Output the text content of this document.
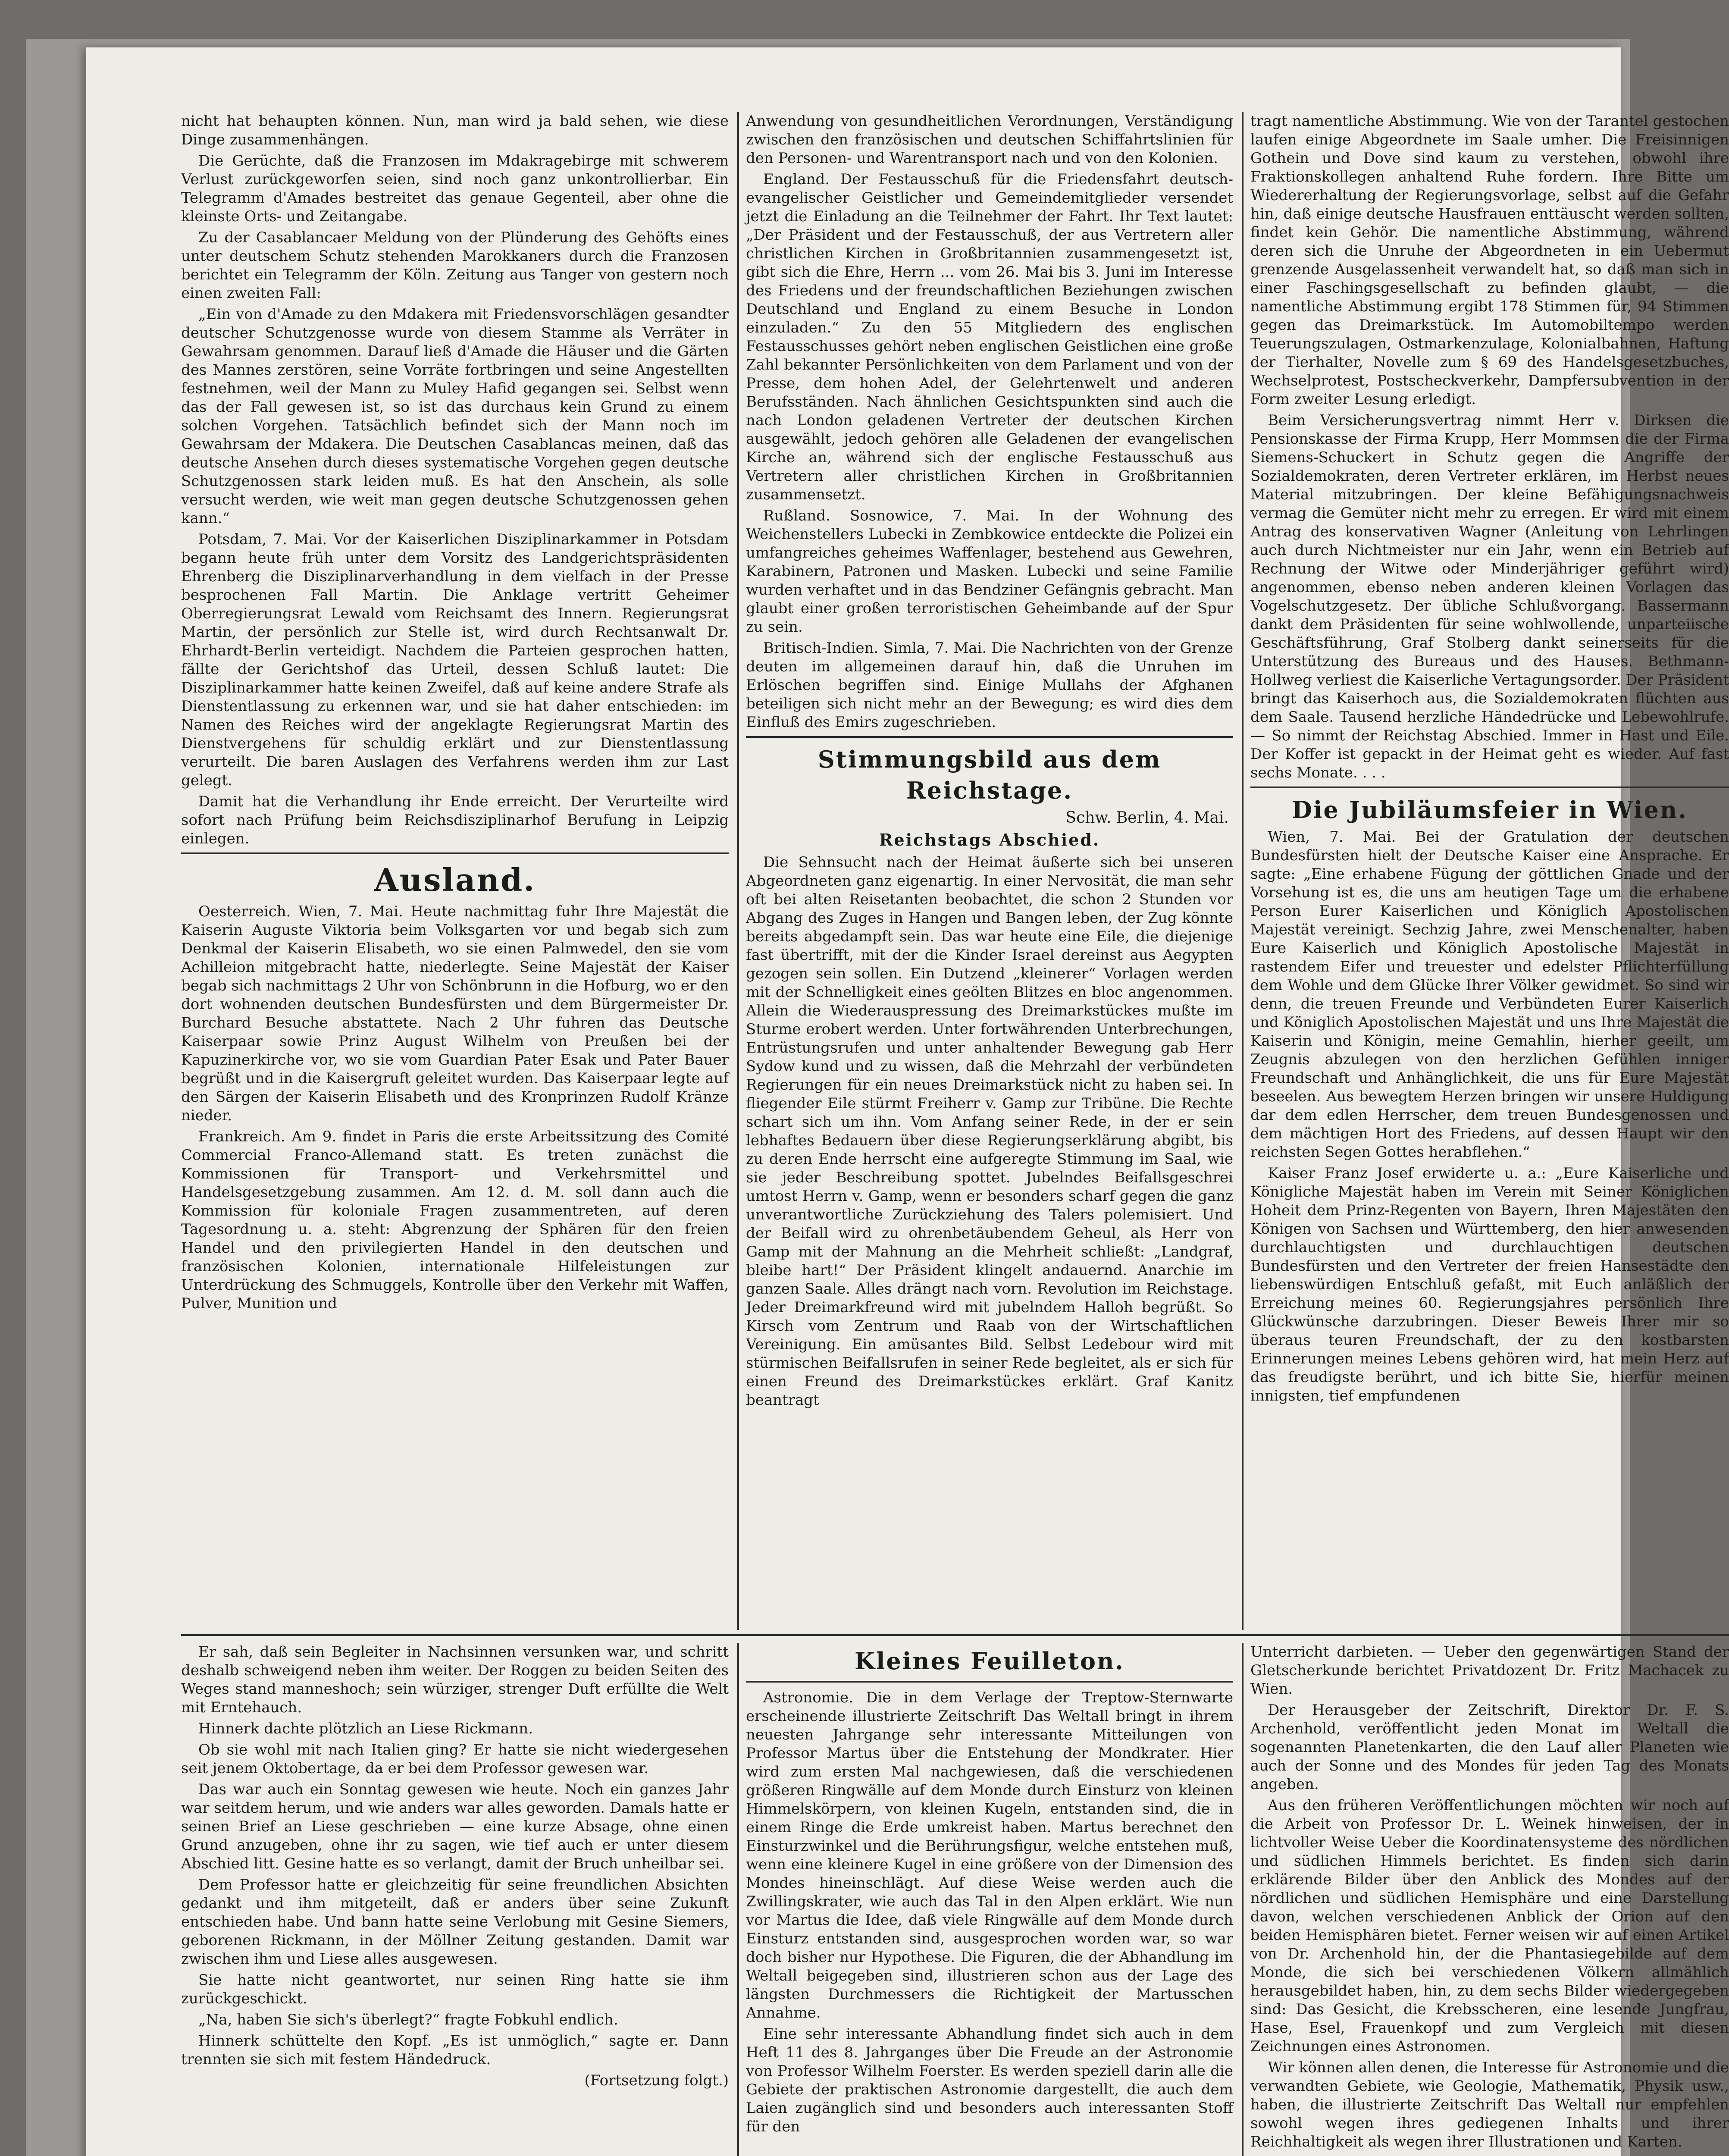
nicht hat behaupten können. Nun, man wird ja bald sehen, wie diese Dinge zusammenhängen.

Die Gerüchte, daß die Franzosen im Mdakragebirge mit schwerem Verlust zurückgeworfen seien, sind noch ganz unkontrollierbar. Ein Telegramm d'Amades bestreitet das genaue Gegenteil, aber ohne die kleinste Orts- und Zeitangabe.

Zu der Casablancaer Meldung von der Plünderung des Gehöfts eines unter deutschem Schutz stehenden Marokkaners durch die Franzosen berichtet ein Telegramm der Köln. Zeitung aus Tanger von gestern noch einen zweiten Fall:

„Ein von d'Amade zu den Mdakera mit Friedensvorschlägen gesandter deutscher Schutzgenosse wurde von diesem Stamme als Verräter in Gewahrsam genommen. Darauf ließ d'Amade die Häuser und die Gärten des Mannes zerstören, seine Vorräte fortbringen und seine Angestellten festnehmen, weil der Mann zu Muley Hafid gegangen sei. Selbst wenn das der Fall gewesen ist, so ist das durchaus kein Grund zu einem solchen Vorgehen. Tatsächlich befindet sich der Mann noch im Gewahrsam der Mdakera. Die Deutschen Casablancas meinen, daß das deutsche Ansehen durch dieses systematische Vorgehen gegen deutsche Schutzgenossen stark leiden muß. Es hat den Anschein, als solle versucht werden, wie weit man gegen deutsche Schutzgenossen gehen kann.“

Potsdam, 7. Mai. Vor der Kaiserlichen Disziplinarkammer in Potsdam begann heute früh unter dem Vorsitz des Landgerichtspräsidenten Ehrenberg die Disziplinarverhandlung in dem vielfach in der Presse besprochenen Fall Martin. Die Anklage vertritt Geheimer Oberregierungsrat Lewald vom Reichsamt des Innern. Regierungsrat Martin, der persönlich zur Stelle ist, wird durch Rechtsanwalt Dr. Ehrhardt-Berlin verteidigt. Nachdem die Parteien gesprochen hatten, fällte der Gerichtshof das Urteil, dessen Schluß lautet: Die Disziplinarkammer hatte keinen Zweifel, daß auf keine andere Strafe als Dienstentlassung zu erkennen war, und sie hat daher entschieden: im Namen des Reiches wird der angeklagte Regierungsrat Martin des Dienstvergehens für schuldig erklärt und zur Dienstentlassung verurteilt. Die baren Auslagen des Verfahrens werden ihm zur Last gelegt.

Damit hat die Verhandlung ihr Ende erreicht. Der Verurteilte wird sofort nach Prüfung beim Reichsdisziplinarhof Berufung in Leipzig einlegen.

Ausland.

Oesterreich. Wien, 7. Mai. Heute nachmittag fuhr Ihre Majestät die Kaiserin Auguste Viktoria beim Volksgarten vor und begab sich zum Denkmal der Kaiserin Elisabeth, wo sie einen Palmwedel, den sie vom Achilleion mitgebracht hatte, niederlegte. Seine Majestät der Kaiser begab sich nachmittags 2 Uhr von Schönbrunn in die Hofburg, wo er den dort wohnenden deutschen Bundesfürsten und dem Bürgermeister Dr. Burchard Besuche abstattete. Nach 2 Uhr fuhren das Deutsche Kaiserpaar sowie Prinz August Wilhelm von Preußen bei der Kapuzinerkirche vor, wo sie vom Guardian Pater Esak und Pater Bauer begrüßt und in die Kaisergruft geleitet wurden. Das Kaiserpaar legte auf den Särgen der Kaiserin Elisabeth und des Kronprinzen Rudolf Kränze nieder.

Frankreich. Am 9. findet in Paris die erste Arbeitssitzung des Comité Commercial Franco-Allemand statt. Es treten zunächst die Kommissionen für Transport- und Verkehrsmittel und Handelsgesetzgebung zusammen. Am 12. d. M. soll dann auch die Kommission für koloniale Fragen zusammentreten, auf deren Tagesordnung u. a. steht: Abgrenzung der Sphären für den freien Handel und den privilegierten Handel in den deutschen und französischen Kolonien, internationale Hilfeleistungen zur Unterdrückung des Schmuggels, Kontrolle über den Verkehr mit Waffen, Pulver, Munition und

Anwendung von gesundheitlichen Verordnungen, Verständigung zwischen den französischen und deutschen Schiffahrtslinien für den Personen- und Warentransport nach und von den Kolonien.

England. Der Festausschuß für die Friedensfahrt deutsch-evangelischer Geistlicher und Gemeindemitglieder versendet jetzt die Einladung an die Teilnehmer der Fahrt. Ihr Text lautet: „Der Präsident und der Festausschuß, der aus Vertretern aller christlichen Kirchen in Großbritannien zusammengesetzt ist, gibt sich die Ehre, Herrn ... vom 26. Mai bis 3. Juni im Interesse des Friedens und der freundschaftlichen Beziehungen zwischen Deutschland und England zu einem Besuche in London einzuladen.“ Zu den 55 Mitgliedern des englischen Festausschusses gehört neben englischen Geistlichen eine große Zahl bekannter Persönlichkeiten von dem Parlament und von der Presse, dem hohen Adel, der Gelehrtenwelt und anderen Berufsständen. Nach ähnlichen Gesichtspunkten sind auch die nach London geladenen Vertreter der deutschen Kirchen ausgewählt, jedoch gehören alle Geladenen der evangelischen Kirche an, während sich der englische Festausschuß aus Vertretern aller christlichen Kirchen in Großbritannien zusammensetzt.

Rußland. Sosnowice, 7. Mai. In der Wohnung des Weichenstellers Lubecki in Zembkowice entdeckte die Polizei ein umfangreiches geheimes Waffenlager, bestehend aus Gewehren, Karabinern, Patronen und Masken. Lubecki und seine Familie wurden verhaftet und in das Bendziner Gefängnis gebracht. Man glaubt einer großen terroristischen Geheimbande auf der Spur zu sein.

Britisch-Indien. Simla, 7. Mai. Die Nachrichten von der Grenze deuten im allgemeinen darauf hin, daß die Unruhen im Erlöschen begriffen sind. Einige Mullahs der Afghanen beteiligen sich nicht mehr an der Bewegung; es wird dies dem Einfluß des Emirs zugeschrieben.

Stimmungsbild aus dem Reichstage.
Schw. Berlin, 4. Mai.
Reichstags Abschied.

Die Sehnsucht nach der Heimat äußerte sich bei unseren Abgeordneten ganz eigenartig. In einer Nervosität, die man sehr oft bei alten Reisetanten beobachtet, die schon 2 Stunden vor Abgang des Zuges in Hangen und Bangen leben, der Zug könnte bereits abgedampft sein. Das war heute eine Eile, die diejenige fast übertrifft, mit der die Kinder Israel dereinst aus Aegypten gezogen sein sollen. Ein Dutzend „kleinerer“ Vorlagen werden mit der Schnelligkeit eines geölten Blitzes en bloc angenommen. Allein die Wiederauspressung des Dreimarkstückes mußte im Sturme erobert werden. Unter fortwährenden Unterbrechungen, Entrüstungsrufen und unter anhaltender Bewegung gab Herr Sydow kund und zu wissen, daß die Mehrzahl der verbündeten Regierungen für ein neues Dreimarkstück nicht zu haben sei. In fliegender Eile stürmt Freiherr v. Gamp zur Tribüne. Die Rechte schart sich um ihn. Vom Anfang seiner Rede, in der er sein lebhaftes Bedauern über diese Regierungserklärung abgibt, bis zu deren Ende herrscht eine aufgeregte Stimmung im Saal, wie sie jeder Beschreibung spottet. Jubelndes Beifallsgeschrei umtost Herrn v. Gamp, wenn er besonders scharf gegen die ganz unverantwortliche Zurückziehung des Talers polemisiert. Und der Beifall wird zu ohrenbetäubendem Geheul, als Herr von Gamp mit der Mahnung an die Mehrheit schließt: „Landgraf, bleibe hart!“ Der Präsident klingelt andauernd. Anarchie im ganzen Saale. Alles drängt nach vorn. Revolution im Reichstage. Jeder Dreimarkfreund wird mit jubelndem Halloh begrüßt. So Kirsch vom Zentrum und Raab von der Wirtschaftlichen Vereinigung. Ein amüsantes Bild. Selbst Ledebour wird mit stürmischen Beifallsrufen in seiner Rede begleitet, als er sich für einen Freund des Dreimarkstückes erklärt. Graf Kanitz beantragt

tragt namentliche Abstimmung. Wie von der Tarantel gestochen laufen einige Abgeordnete im Saale umher. Die Freisinnigen Gothein und Dove sind kaum zu verstehen, obwohl ihre Fraktionskollegen anhaltend Ruhe fordern. Ihre Bitte um Wiedererhaltung der Regierungsvorlage, selbst auf die Gefahr hin, daß einige deutsche Hausfrauen enttäuscht werden sollten, findet kein Gehör. Die namentliche Abstimmung, während deren sich die Unruhe der Abgeordneten in ein Uebermut grenzende Ausgelassenheit verwandelt hat, so daß man sich in einer Faschingsgesellschaft zu befinden glaubt, — die namentliche Abstimmung ergibt 178 Stimmen für, 94 Stimmen gegen das Dreimarkstück. Im Automobiltempo werden Teuerungszulagen, Ostmarkenzulage, Kolonialbahnen, Haftung der Tierhalter, Novelle zum § 69 des Handelsgesetzbuches, Wechselprotest, Postscheckverkehr, Dampfersubvention in der Form zweiter Lesung erledigt.

Beim Versicherungsvertrag nimmt Herr v. Dirksen die Pensionskasse der Firma Krupp, Herr Mommsen die der Firma Siemens-Schuckert in Schutz gegen die Angriffe der Sozialdemokraten, deren Vertreter erklären, im Herbst neues Material mitzubringen. Der kleine Befähigungsnachweis vermag die Gemüter nicht mehr zu erregen. Er wird mit einem Antrag des konservativen Wagner (Anleitung von Lehrlingen auch durch Nichtmeister nur ein Jahr, wenn ein Betrieb auf Rechnung der Witwe oder Minderjähriger geführt wird) angenommen, ebenso neben anderen kleinen Vorlagen das Vogelschutzgesetz. Der übliche Schlußvorgang. Bassermann dankt dem Präsidenten für seine wohlwollende, unparteiische Geschäftsführung, Graf Stolberg dankt seinerseits für die Unterstützung des Bureaus und des Hauses. Bethmann-Hollweg verliest die Kaiserliche Vertagungsorder. Der Präsident bringt das Kaiserhoch aus, die Sozialdemokraten flüchten aus dem Saale. Tausend herzliche Händedrücke und Lebewohlrufe. — So nimmt der Reichstag Abschied. Immer in Hast und Eile. Der Koffer ist gepackt in der Heimat geht es wieder. Auf fast sechs Monate. . . .

Die Jubiläumsfeier in Wien.

Wien, 7. Mai. Bei der Gratulation der deutschen Bundesfürsten hielt der Deutsche Kaiser eine Ansprache. Er sagte: „Eine erhabene Fügung der göttlichen Gnade und der Vorsehung ist es, die uns am heutigen Tage um die erhabene Person Eurer Kaiserlichen und Königlich Apostolischen Majestät vereinigt. Sechzig Jahre, zwei Menschenalter, haben Eure Kaiserlich und Königlich Apostolische Majestät in rastendem Eifer und treuester und edelster Pflichterfüllung dem Wohle und dem Glücke Ihrer Völker gewidmet. So sind wir denn, die treuen Freunde und Verbündeten Eurer Kaiserlich und Königlich Apostolischen Majestät und uns Ihre Majestät die Kaiserin und Königin, meine Gemahlin, hierher geeilt, um Zeugnis abzulegen von den herzlichen Gefühlen inniger Freundschaft und Anhänglichkeit, die uns für Eure Majestät beseelen. Aus bewegtem Herzen bringen wir unsere Huldigung dar dem edlen Herrscher, dem treuen Bundesgenossen und dem mächtigen Hort des Friedens, auf dessen Haupt wir den reichsten Segen Gottes herabflehen.“

Kaiser Franz Josef erwiderte u. a.: „Eure Kaiserliche und Königliche Majestät haben im Verein mit Seiner Königlichen Hoheit dem Prinz-Regenten von Bayern, Ihren Majestäten den Königen von Sachsen und Württemberg, den hier anwesenden durchlauchtigsten und durchlauchtigen deutschen Bundesfürsten und den Vertreter der freien Hansestädte den liebenswürdigen Entschluß gefaßt, mit Euch anläßlich der Erreichung meines 60. Regierungsjahres persönlich Ihre Glückwünsche darzubringen. Dieser Beweis Ihrer mir so überaus teuren Freundschaft, der zu den kostbarsten Erinnerungen meines Lebens gehören wird, hat mein Herz auf das freudigste berührt, und ich bitte Sie, hierfür meinen innigsten, tief empfundenen

Er sah, daß sein Begleiter in Nachsinnen versunken war, und schritt deshalb schweigend neben ihm weiter. Der Roggen zu beiden Seiten des Weges stand manneshoch; sein würziger, strenger Duft erfüllte die Welt mit Erntehauch.

Hinnerk dachte plötzlich an Liese Rickmann.

Ob sie wohl mit nach Italien ging? Er hatte sie nicht wiedergesehen seit jenem Oktobertage, da er bei dem Professor gewesen war.

Das war auch ein Sonntag gewesen wie heute. Noch ein ganzes Jahr war seitdem herum, und wie anders war alles geworden. Damals hatte er seinen Brief an Liese geschrieben — eine kurze Absage, ohne einen Grund anzugeben, ohne ihr zu sagen, wie tief auch er unter diesem Abschied litt. Gesine hatte es so verlangt, damit der Bruch unheilbar sei.

Dem Professor hatte er gleichzeitig für seine freundlichen Absichten gedankt und ihm mitgeteilt, daß er anders über seine Zukunft entschieden habe. Und bann hatte seine Verlobung mit Gesine Siemers, geborenen Rickmann, in der Möllner Zeitung gestanden. Damit war zwischen ihm und Liese alles ausgewesen.

Sie hatte nicht geantwortet, nur seinen Ring hatte sie ihm zurückgeschickt.

„Na, haben Sie sich's überlegt?“ fragte Fobkuhl endlich.

Hinnerk schüttelte den Kopf. „Es ist unmöglich,“ sagte er. Dann trennten sie sich mit festem Händedruck.

(Fortsetzung folgt.)

Kleines Feuilleton.

Astronomie. Die in dem Verlage der Treptow-Sternwarte erscheinende illustrierte Zeitschrift Das Weltall bringt in ihrem neuesten Jahrgange sehr interessante Mitteilungen von Professor Martus über die Entstehung der Mondkrater. Hier wird zum ersten Mal nachgewiesen, daß die verschiedenen größeren Ringwälle auf dem Monde durch Einsturz von kleinen Himmelskörpern, von kleinen Kugeln, entstanden sind, die in einem Ringe die Erde umkreist haben. Martus berechnet den Einsturzwinkel und die Berührungsfigur, welche entstehen muß, wenn eine kleinere Kugel in eine größere von der Dimension des Mondes hineinschlägt. Auf diese Weise werden auch die Zwillingskrater, wie auch das Tal in den Alpen erklärt. Wie nun vor Martus die Idee, daß viele Ringwälle auf dem Monde durch Einsturz entstanden sind, ausgesprochen worden war, so war doch bisher nur Hypothese. Die Figuren, die der Abhandlung im Weltall beigegeben sind, illustrieren schon aus der Lage des längsten Durchmessers die Richtigkeit der Martusschen Annahme.

Eine sehr interessante Abhandlung findet sich auch in dem Heft 11 des 8. Jahrganges über Die Freude an der Astronomie von Professor Wilhelm Foerster. Es werden speziell darin alle die Gebiete der praktischen Astronomie dargestellt, die auch dem Laien zugänglich sind und besonders auch interessanten Stoff für den

Unterricht darbieten. — Ueber den gegenwärtigen Stand der Gletscherkunde berichtet Privatdozent Dr. Fritz Machacek zu Wien.

Der Herausgeber der Zeitschrift, Direktor Dr. F. S. Archenhold, veröffentlicht jeden Monat im Weltall die sogenannten Planetenkarten, die den Lauf aller Planeten wie auch der Sonne und des Mondes für jeden Tag des Monats angeben.

Aus den früheren Veröffentlichungen möchten wir noch auf die Arbeit von Professor Dr. L. Weinek hinweisen, der in lichtvoller Weise Ueber die Koordinatensysteme des nördlichen und südlichen Himmels berichtet. Es finden sich darin erklärende Bilder über den Anblick des Mondes auf der nördlichen und südlichen Hemisphäre und eine Darstellung davon, welchen verschiedenen Anblick der Orion auf den beiden Hemisphären bietet. Ferner weisen wir auf einen Artikel von Dr. Archenhold hin, der die Phantasiegebilde auf dem Monde, die sich bei verschiedenen Völkern allmählich herausgebildet haben, hin, zu dem sechs Bilder wiedergegeben sind: Das Gesicht, die Krebsscheren, eine lesende Jungfrau, Hase, Esel, Frauenkopf und zum Vergleich mit diesen Zeichnungen eines Astronomen.

Wir können allen denen, die Interesse für Astronomie und die verwandten Gebiete, wie Geologie, Mathematik, Physik usw., haben, die illustrierte Zeitschrift Das Weltall nur empfehlen sowohl wegen ihres gediegenen Inhalts und ihrer Reichhaltigkeit als wegen ihrer Illustrationen und Karten.
